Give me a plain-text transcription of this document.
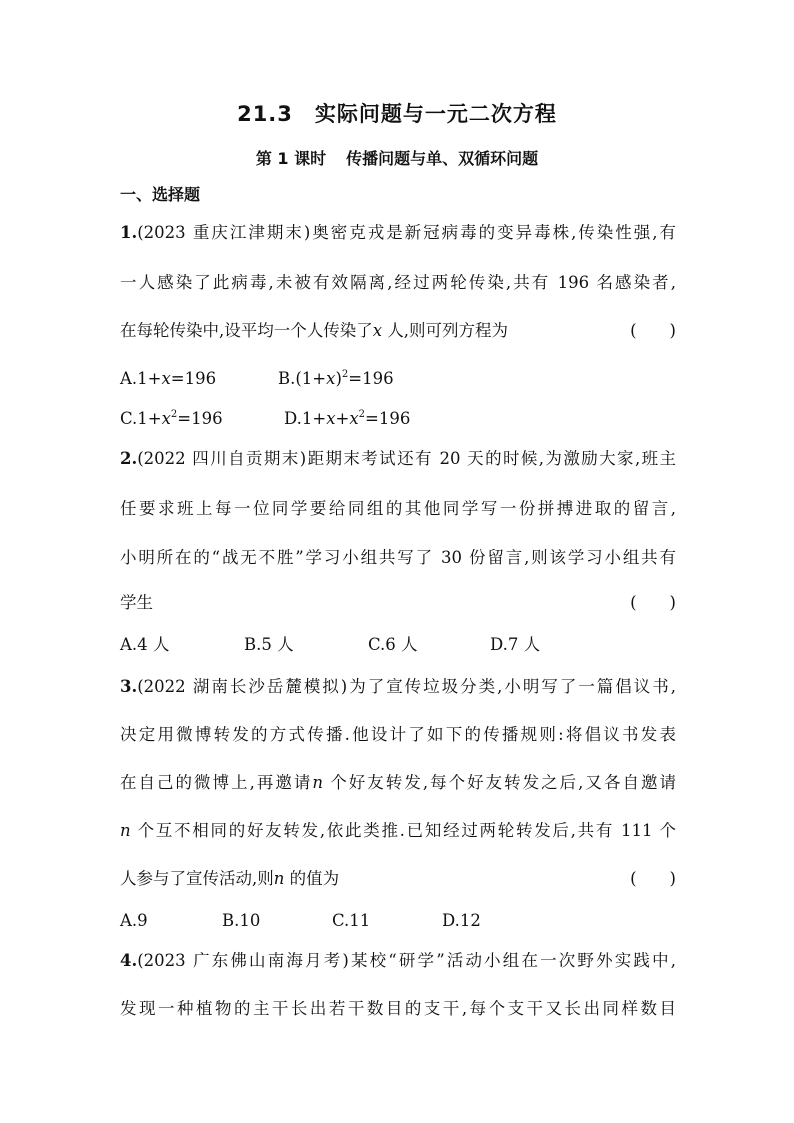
21.3 实际问题与一元二次方程
第 1 课时 传播问题与单、双循环问题
一、选择题
1.(2023 重庆江津期末)奥密克戎是新冠病毒的变异毒株,传染性强,有
一人感染了此病毒,未被有效隔离,经过两轮传染,共有 196 名感染者,
在每轮传染中,设平均一个人传染了x 人,则可列方程为	(　　)
A.1+x=196	$B.(1+x)^2=196$
$C.1+x^2=196$	$D.1+x+x^2=196$
2.(2022 四川自贡期末)距期末考试还有 20 天的时候,为激励大家,班主
任要求班上每一位同学要给同组的其他同学写一份拼搏进取的留言,
小明所在的“战无不胜”学习小组共写了 30 份留言,则该学习小组共有
学生	(　　)
A.4 人	B.5 人	C.6 人	D.7 人
3.(2022 湖南长沙岳麓模拟)为了宣传垃圾分类,小明写了一篇倡议书,
决定用微博转发的方式传播.他设计了如下的传播规则:将倡议书发表
在自己的微博上,再邀请n 个好友转发,每个好友转发之后,又各自邀请
n 个互不相同的好友转发,依此类推.已知经过两轮转发后,共有 111 个
人参与了宣传活动,则n 的值为	(　　)
A.9	B.10	C.11	D.12
4.(2023 广东佛山南海月考)某校“研学”活动小组在一次野外实践中,
发现一种植物的主干长出若干数目的支干,每个支干又长出同样数目
